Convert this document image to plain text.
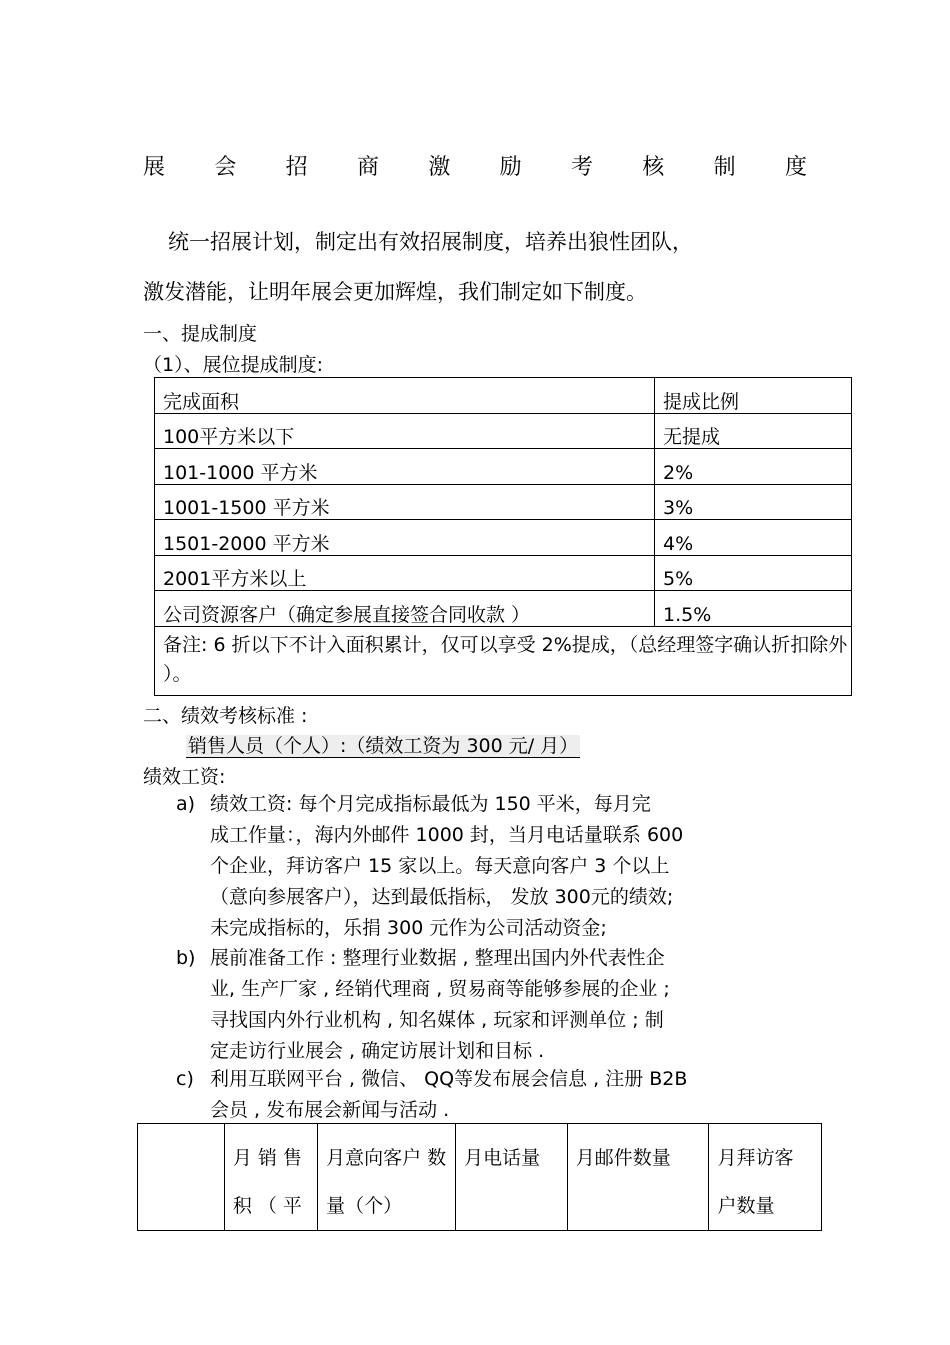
展 会 招 商 激 励 考 核 制 度
统一招展计划，制定出有效招展制度，培养出狼性团队，
激发潜能，让明年展会更加辉煌，我们制定如下制度。
一、提成制度
（1）、展位提成制度:
完成面积	提成比例
100平方米以下	无提成
101-1000 平方米	2%
1001-1500 平方米	3%
1501-2000 平方米	4%
2001平方米以上	5%
公司资源客户（确定参展直接签合同收款 ）	1.5%
备注: 6 折以下不计入面积累计，仅可以享受 2%提成，（总经理签字确认折扣除外 ）。	
二、绩效考核标准 :
销售人员（个人）:（绩效工资为 300 元/ 月）
绩效工资:
a) 绩效工资: 每个月完成指标最低为 150 平米，每月完
成工作量：，海内外邮件 1000 封，当月电话量联系 600
个企业，拜访客户 15 家以上。每天意向客户 3 个以上
（意向参展客户），达到最低指标， 发放 300元的绩效;
未完成指标的，乐捐 300 元作为公司活动资金;
b) 展前准备工作 : 整理行业数据 , 整理出国内外代表性企
业, 生产厂家 , 经销代理商 , 贸易商等能够参展的企业 ;
寻找国内外行业机构 , 知名媒体 , 玩家和评测单位 ; 制
定走访行业展会 , 确定访展计划和目标 .
c) 利用互联网平台 , 微信、 QQ等发布展会信息 , 注册 B2B
会员 , 发布展会新闻与活动 .
	月 销 售 积 （ 平	月意向客户 数量（个）	月电话量	月邮件数量	月拜访客 户数量
